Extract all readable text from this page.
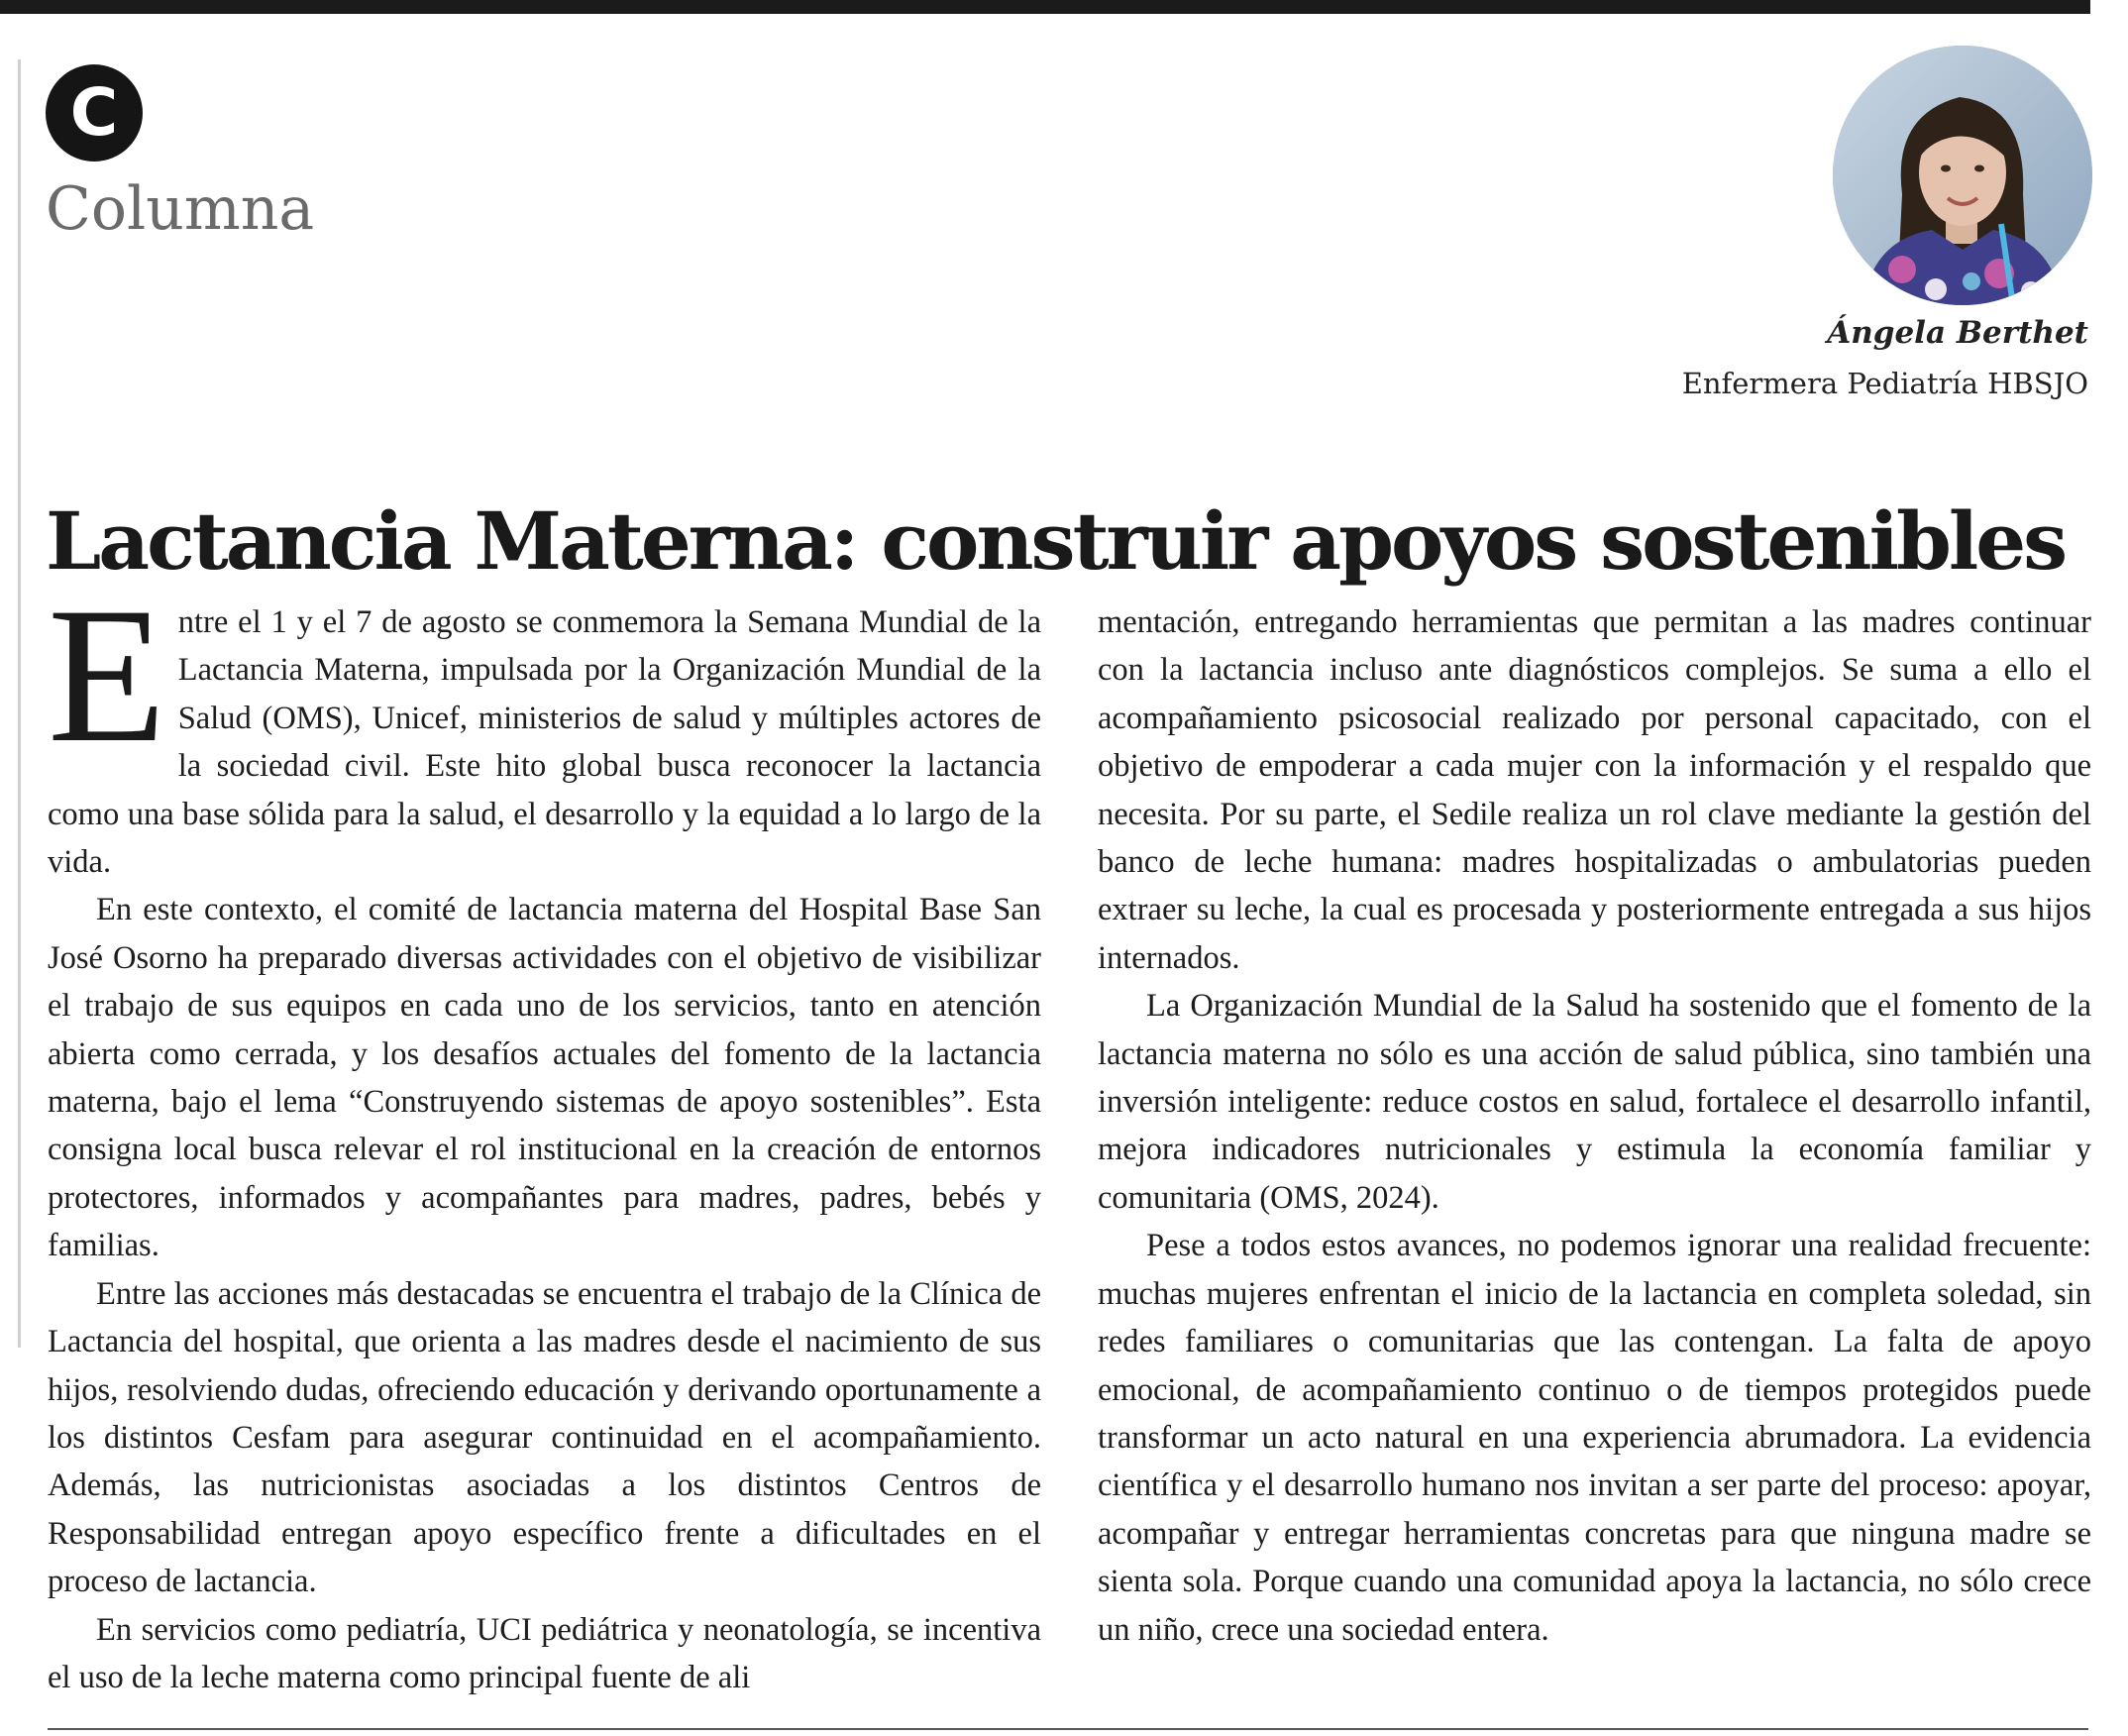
C
Columna
Ángela Berthet
Enfermera Pediatría HBSJO
Lactancia Materna: construir apoyos sostenibles

Entre el 1 y el 7 de agosto se conmemora la Semana Mundial de la Lactancia Materna, impulsada por la Organización Mundial de la Salud (OMS), Unicef, ministerios de salud y múltiples actores de la sociedad civil. Este hito global busca reconocer la lactancia como una base sólida para la salud, el desarrollo y la equidad a lo largo de la vida.

En este contexto, el comité de lactancia materna del Hospital Base San José Osorno ha preparado diversas actividades con el objetivo de visibilizar el trabajo de sus equipos en cada uno de los servicios, tanto en atención abierta como cerrada, y los desafíos actuales del fomento de la lactancia materna, bajo el lema “Construyendo sistemas de apoyo sostenibles”. Esta consigna local busca relevar el rol institucional en la creación de entornos protectores, informados y acompañantes para madres, padres, bebés y familias.

Entre las acciones más destacadas se encuentra el trabajo de la Clínica de Lactancia del hospital, que orienta a las madres desde el nacimiento de sus hijos, resolviendo dudas, ofreciendo educación y derivando oportunamente a los distintos Cesfam para asegurar continuidad en el acompañamiento. Además, las nutricionistas asociadas a los distintos Centros de Responsabilidad entregan apoyo específico frente a dificultades en el proceso de lactancia.

En servicios como pediatría, UCI pediátrica y neonatología, se incentiva el uso de la leche materna como principal fuente de ali

mentación, entregando herramientas que permitan a las madres continuar con la lactancia incluso ante diagnósticos complejos. Se suma a ello el acompañamiento psicosocial realizado por personal capacitado, con el objetivo de empoderar a cada mujer con la información y el respaldo que necesita. Por su parte, el Sedile realiza un rol clave mediante la gestión del banco de leche humana: madres hospitalizadas o ambulatorias pueden extraer su leche, la cual es procesada y posteriormente entregada a sus hijos internados.

La Organización Mundial de la Salud ha sostenido que el fomento de la lactancia materna no sólo es una acción de salud pública, sino también una inversión inteligente: reduce costos en salud, fortalece el desarrollo infantil, mejora indicadores nutricionales y estimula la economía familiar y comunitaria (OMS, 2024).

Pese a todos estos avances, no podemos ignorar una realidad frecuente: muchas mujeres enfrentan el inicio de la lactancia en completa soledad, sin redes familiares o comunitarias que las contengan. La falta de apoyo emocional, de acompañamiento continuo o de tiempos protegidos puede transformar un acto natural en una experiencia abrumadora. La evidencia científica y el desarrollo humano nos invitan a ser parte del proceso: apoyar, acompañar y entregar herramientas concretas para que ninguna madre se sienta sola. Porque cuando una comunidad apoya la lactancia, no sólo crece un niño, crece una sociedad entera.
